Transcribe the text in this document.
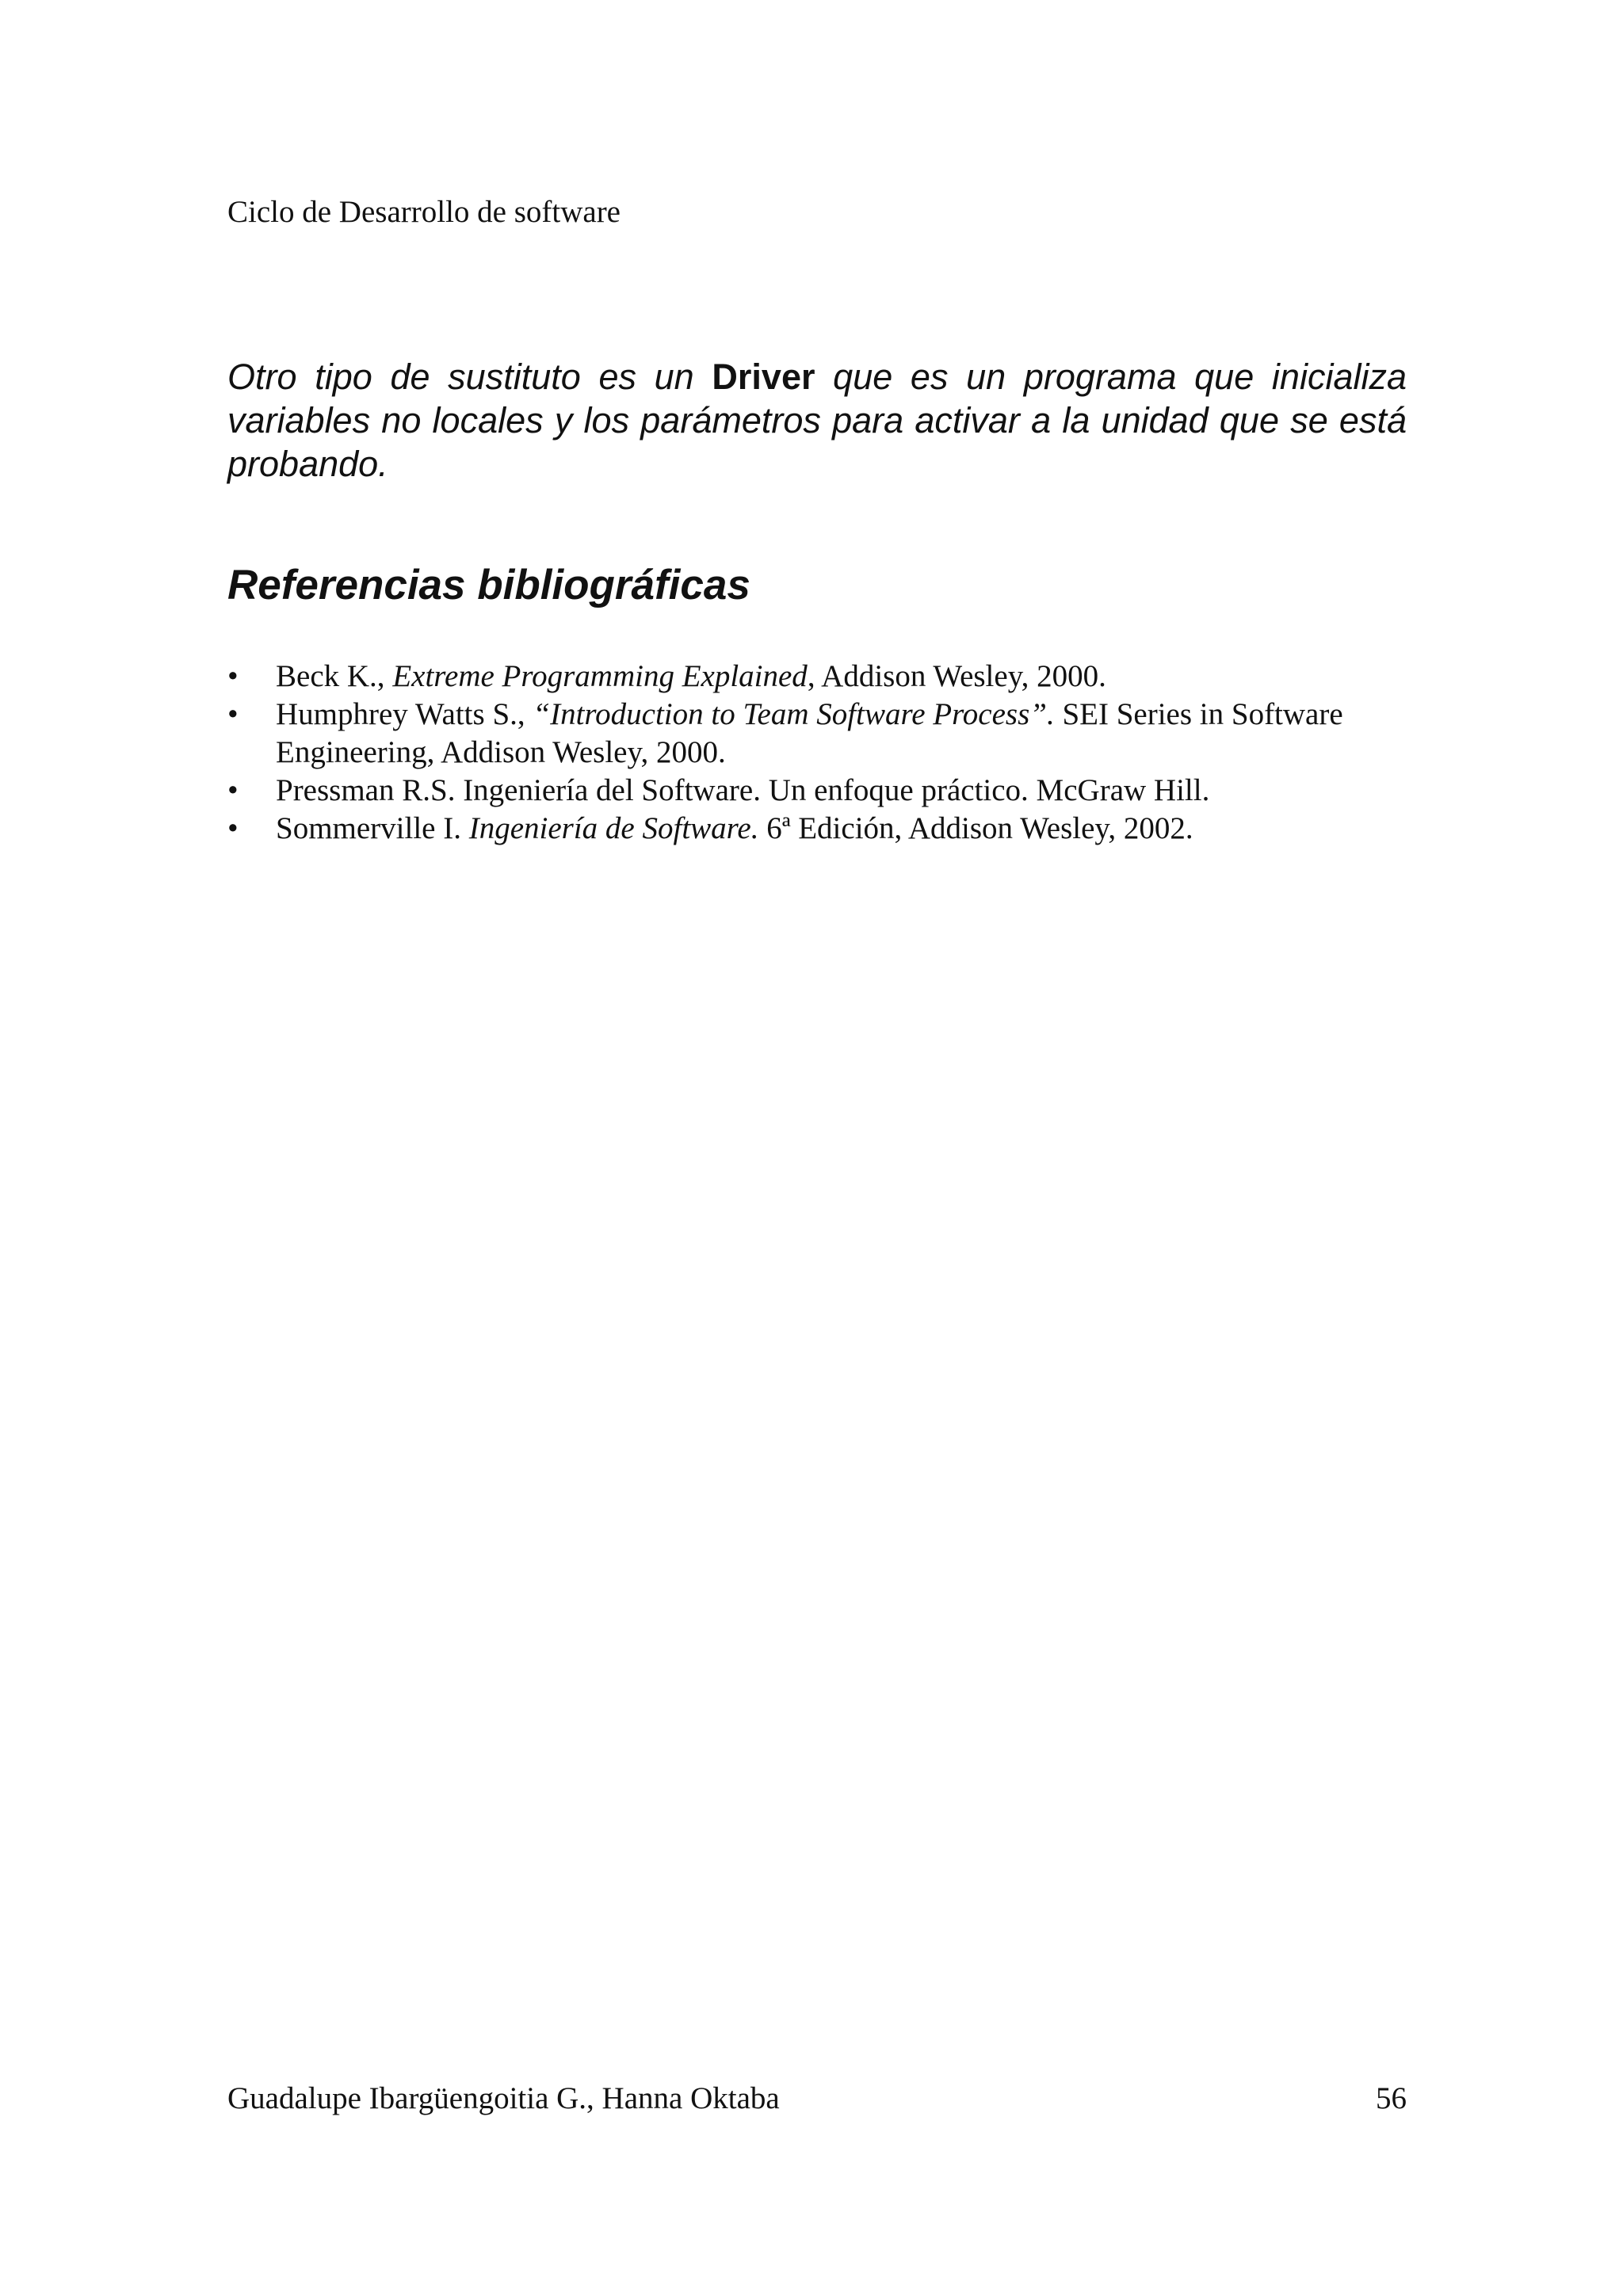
Ciclo de Desarrollo de software

Otro tipo de sustituto es un Driver que es un programa que inicializa variables no locales y los parámetros para activar a la unidad que se está probando.

Referencias bibliográficas
•	Beck K., Extreme Programming Explained, Addison Wesley, 2000.
•	Humphrey Watts S., “Introduction to Team Software Process”. SEI Series in Software Engineering, Addison Wesley, 2000.
•	Pressman R.S. Ingeniería del Software. Un enfoque práctico. McGraw Hill.
•	Sommerville I. Ingeniería de Software. 6ª Edición, Addison Wesley, 2002.
Guadalupe Ibargüengoitia G., Hanna Oktaba	56
